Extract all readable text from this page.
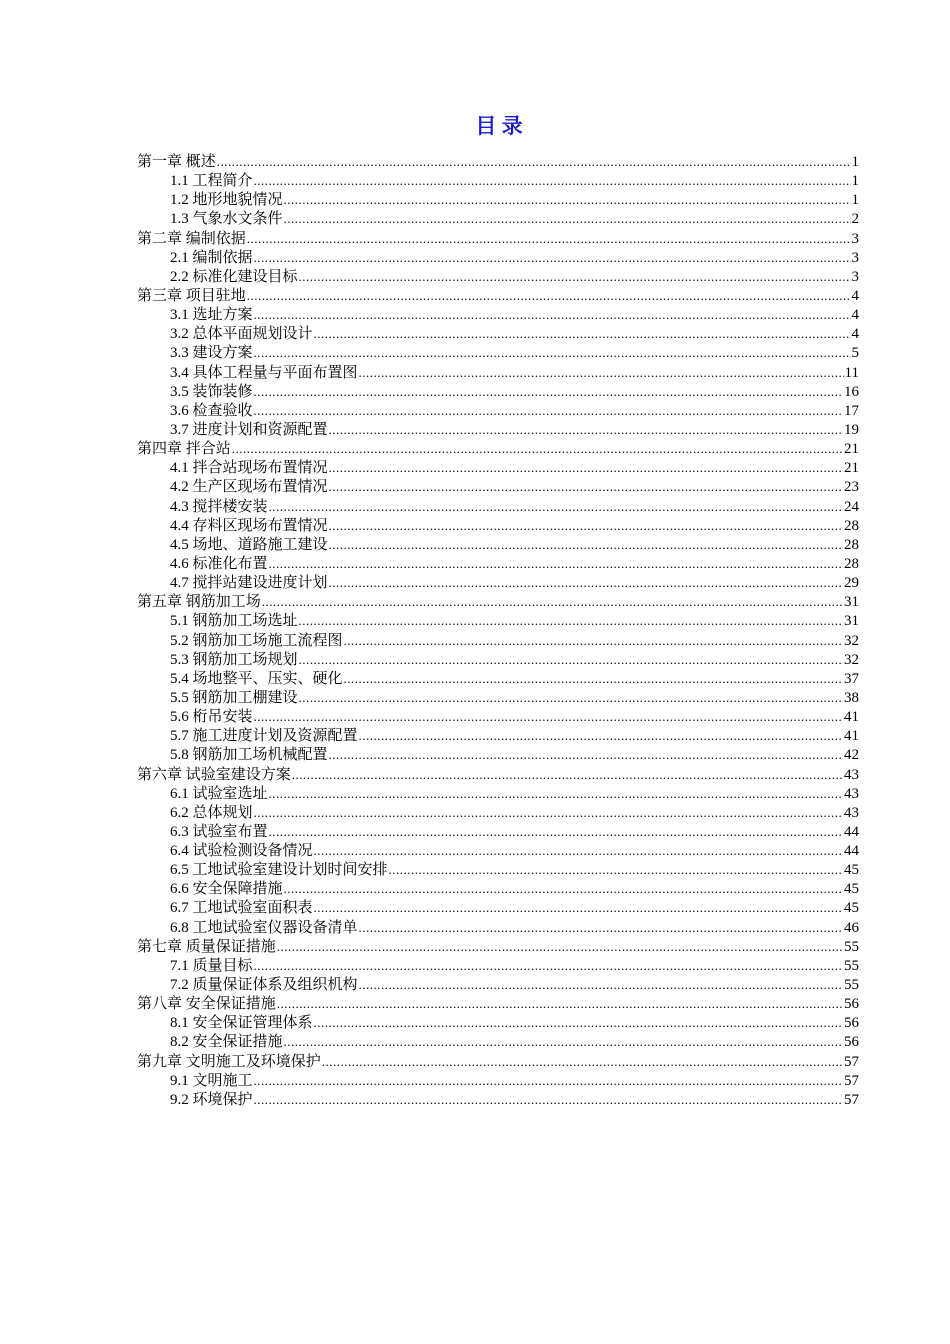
目 录
第一章 概述 .....	1
1.1 工程简介 .....	1
1.2 地形地貌情况 .....	1
1.3 气象水文条件 .....	2
第二章 编制依据 .....	3
2.1 编制依据 .....	3
2.2 标准化建设目标 .....	3
第三章 项目驻地 .....	4
3.1 选址方案 .....	4
3.2 总体平面规划设计 .....	4
3.3 建设方案 .....	5
3.4 具体工程量与平面布置图 .....	11
3.5 装饰装修 .....	16
3.6 检查验收 .....	17
3.7 进度计划和资源配置 .....	19
第四章 拌合站 .....	21
4.1 拌合站现场布置情况 .....	21
4.2 生产区现场布置情况 .....	23
4.3 搅拌楼安装 .....	24
4.4 存料区现场布置情况 .....	28
4.5 场地、道路施工建设 .....	28
4.6 标准化布置 .....	28
4.7 搅拌站建设进度计划 .....	29
第五章 钢筋加工场 .....	31
5.1 钢筋加工场选址 .....	31
5.2 钢筋加工场施工流程图 .....	32
5.3 钢筋加工场规划 .....	32
5.4 场地整平、压实、硬化 .....	37
5.5 钢筋加工棚建设 .....	38
5.6 桁吊安装 .....	41
5.7 施工进度计划及资源配置 .....	41
5.8 钢筋加工场机械配置 .....	42
第六章 试验室建设方案 .....	43
6.1 试验室选址 .....	43
6.2 总体规划 .....	43
6.3 试验室布置 .....	44
6.4 试验检测设备情况 .....	44
6.5 工地试验室建设计划时间安排 .....	45
6.6 安全保障措施 .....	45
6.7 工地试验室面积表 .....	45
6.8 工地试验室仪器设备清单 .....	46
第七章 质量保证措施 .....	55
7.1 质量目标 .....	55
7.2 质量保证体系及组织机构 .....	55
第八章 安全保证措施 .....	56
8.1 安全保证管理体系 .....	56
8.2 安全保证措施 .....	56
第九章 文明施工及环境保护 .....	57
9.1 文明施工 .....	57
9.2 环境保护 .....	57
